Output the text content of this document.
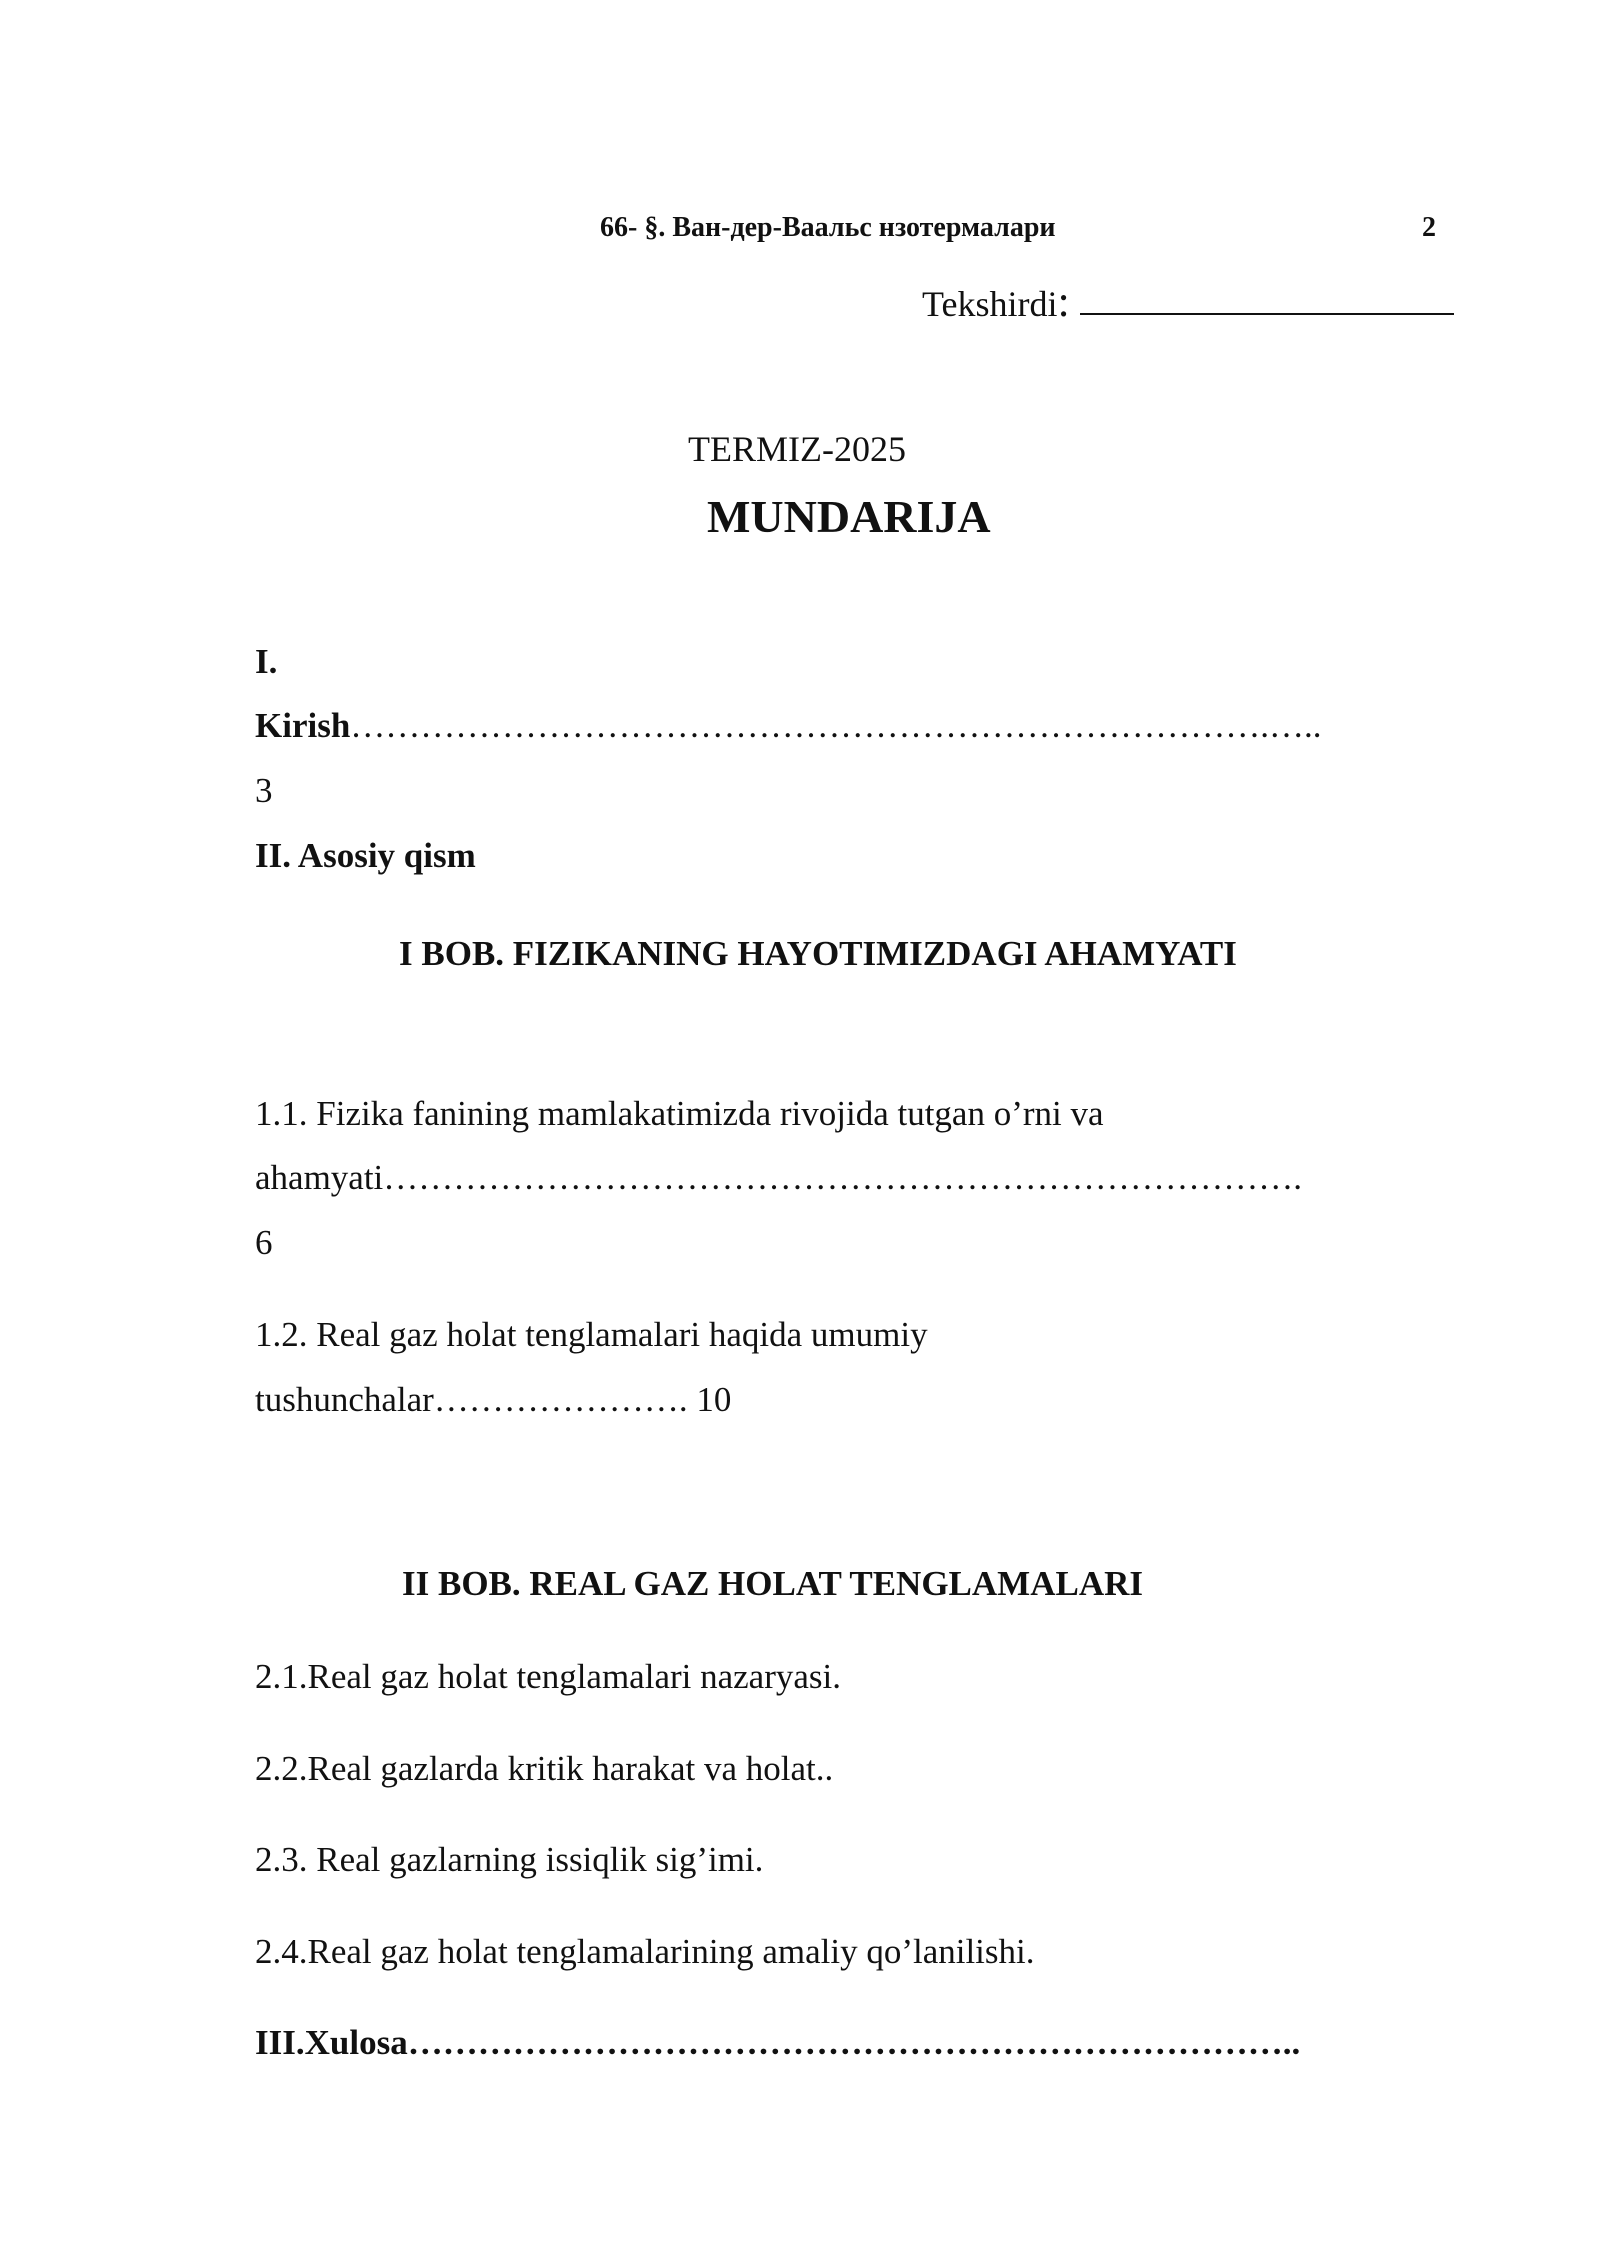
66- §. Ван-дер-Ваальс нзотермалари	2
Tekshirdi:
TERMIZ-2025
MUNDARIJA
I.
Kirish…………………………………………………………………….…..
3
II. Asosiy qism
I BOB. FIZIKANING HAYOTIMIZDAGI AHAMYATI
1.1. Fizika fanining mamlakatimizda rivojida tutgan o’rni va
ahamyati…………………………………………………………………….
6
1.2. Real gaz holat tenglamalari haqida umumiy
tushunchalar…………………. 10
II BOB. REAL GAZ HOLAT TENGLAMALARI
2.1.Real gaz holat tenglamalari nazaryasi.
2.2.Real gazlarda kritik harakat va holat..
2.3. Real gazlarning issiqlik sig’imi.
2.4.Real gaz holat tenglamalarining amaliy qo’lanilishi.
III.Xulosa…………………………………………………………………..
